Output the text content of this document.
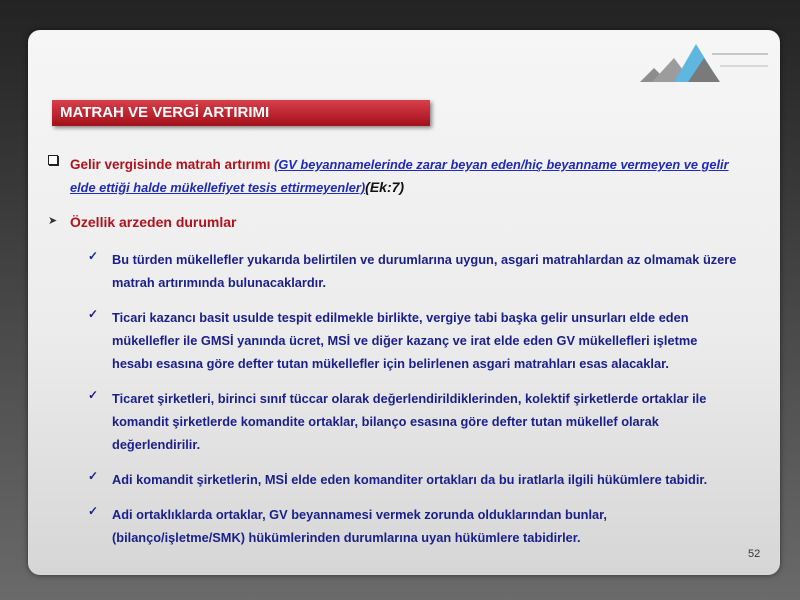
MATRAH VE VERGİ ARTIRIMI
Gelir vergisinde matrah artırımı (GV beyannamelerinde zarar beyan eden/hiç beyanname vermeyen ve gelir elde ettiği halde mükellefiyet tesis ettirmeyenler)(Ek:7)
➤ Özellik arzeden durumlar
✓ Bu türden mükellefler yukarıda belirtilen ve durumlarına uygun, asgari matrahlardan az olmamak üzere matrah artırımında bulunacaklardır.
✓ Ticari kazancı basit usulde tespit edilmekle birlikte, vergiye tabi başka gelir unsurları elde eden mükellefler ile GMSİ yanında ücret, MSİ ve diğer kazanç ve irat elde eden GV mükellefleri işletme hesabı esasına göre defter tutan mükellefler için belirlenen asgari matrahları esas alacaklar.
✓ Ticaret şirketleri, birinci sınıf tüccar olarak değerlendirildiklerinden, kolektif şirketlerde ortaklar ile komandit şirketlerde komandite ortaklar, bilanço esasına göre defter tutan mükellef olarak değerlendirilir.
✓ Adi komandit şirketlerin, MSİ elde eden komanditer ortakları da bu iratlarla ilgili hükümlere tabidir.
✓ Adi ortaklıklarda ortaklar, GV beyannamesi vermek zorunda olduklarından bunlar, (bilanço/işletme/SMK) hükümlerinden durumlarına uyan hükümlere tabidirler.
52
